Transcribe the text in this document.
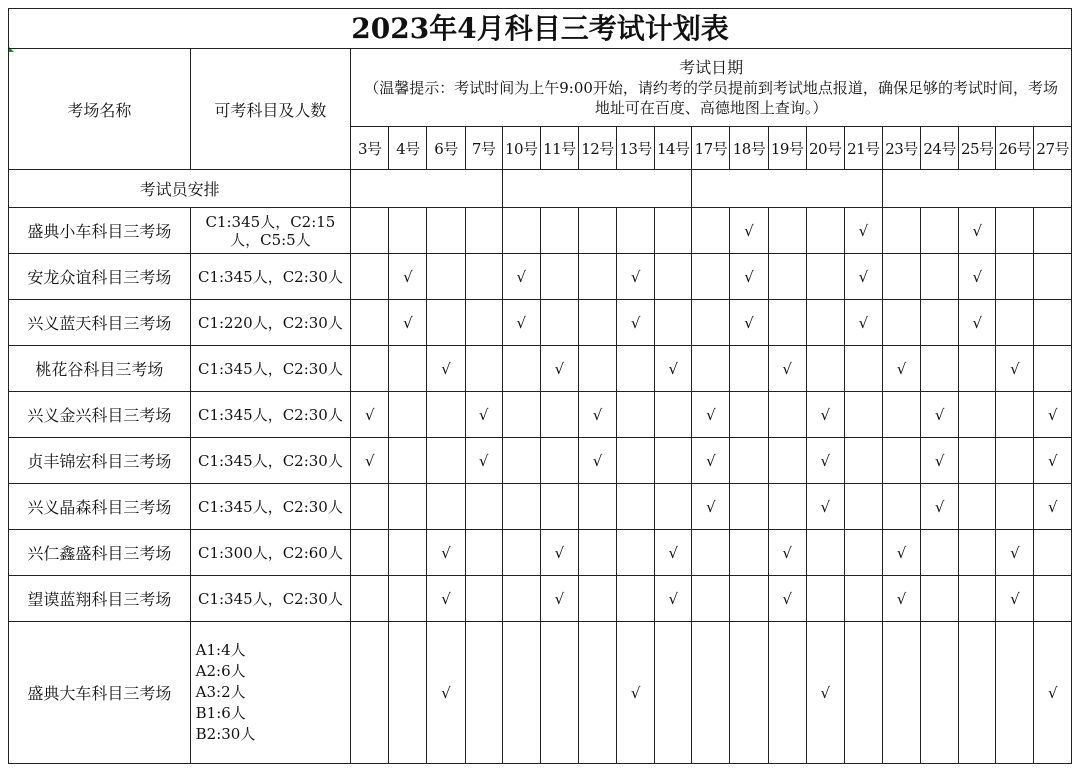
2023年4月科目三考试计划表
考场名称	可考科目及人数	考试日期
（温馨提示：考试时间为上午9:00开始，请约考的学员提前到考试地点报道，确保足够的考试时间，考场地址可在百度、高德地图上查询。）																		

		3号	4号	6号	7号	10号	11号	12号	13号	14号	17号	18号	19号	20号	21号	23号	24号	25号	26号	27号
考试员安排																				
盛典小车科目三考场	C1:345人，C2:15人，C5:5人											√			√			√		
安龙众谊科目三考场	C1:345人，C2:30人		√			√			√			√			√			√		
兴义蓝天科目三考场	C1:220人，C2:30人		√			√			√			√			√			√		
桃花谷科目三考场	C1:345人，C2:30人			√			√			√			√			√			√	
兴义金兴科目三考场	C1:345人，C2:30人	√			√			√			√			√			√			√
贞丰锦宏科目三考场	C1:345人，C2:30人	√			√			√			√			√			√			√
兴义晶森科目三考场	C1:345人，C2:30人										√			√			√			√
兴仁鑫盛科目三考场	C1:300人，C2:60人			√			√			√			√			√			√	
望谟蓝翔科目三考场	C1:345人，C2:30人			√			√			√			√			√			√	
盛典大车科目三考场	A1:4人
A2:6人
A3:2人
B1:6人
B2:30人			√					√					√						√
